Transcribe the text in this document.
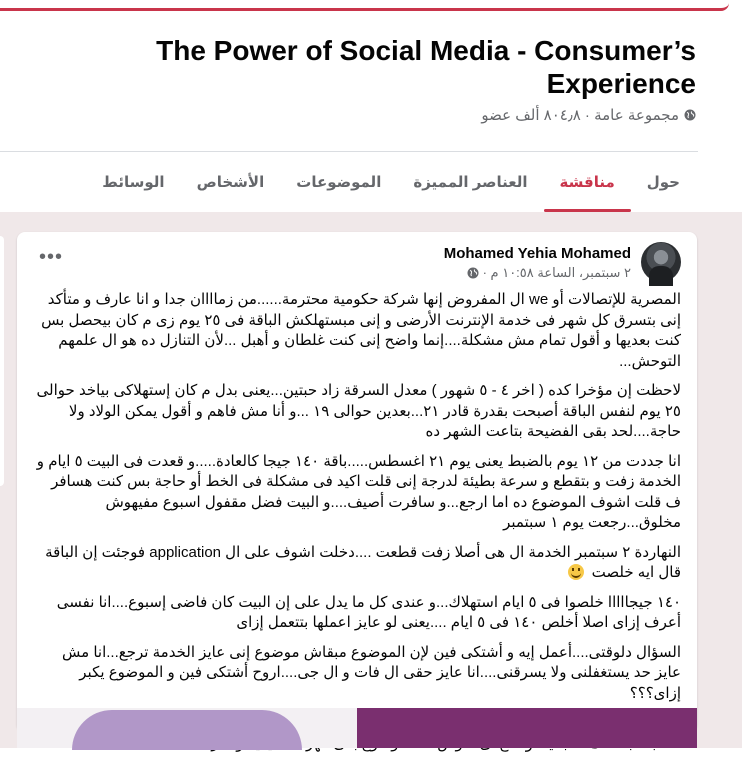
The Power of Social Media - Consumer’s Experience
مجموعة عامة · ٨٠٤٫٨ ألف عضو
حول
مناقشة
العناصر المميزة
الموضوعات
الأشخاص
الوسائط
Mohamed Yehia Mohamed
٢ سبتمبر، الساعة ١٠:٥٨ م ·
•••

المصرية للإتصالات أو we ال المفروض إنها شركة حكومية محترمة......من زماااان جدا و انا عارف و متأكد إنى بتسرق كل شهر فى خدمة الإنترنت الأرضى و إنى مبستهلكش الباقة فى ٢٥ يوم زى م كان بيحصل بس كنت بعديها و أقول تمام مش مشكلة....إنما واضح إنى كنت غلطان و أهبل ...لأن التنازل ده هو ال علمهم التوحش...

لاحظت إن مؤخرا كده ( اخر ٤ - ٥ شهور ) معدل السرقة زاد حبتين...يعنى بدل م كان إستهلاكى بياخد حوالى ٢٥ يوم لنفس الباقة أصبحت بقدرة قادر ٢١...بعدين حوالى ١٩ ...و أنا مش فاهم و أقول يمكن الولاد ولا حاجة....لحد بقى الفضيحة بتاعت الشهر ده

انا جددت من ١٢ يوم بالضبط يعنى يوم ٢١ اغسطس.....باقة ١٤٠ جيجا كالعادة.....و قعدت فى البيت ٥ ايام و الخدمة زفت و بتقطع و سرعة بطيئة لدرجة إنى قلت اكيد فى مشكلة فى الخط أو حاجة بس كنت هسافر ف قلت اشوف الموضوع ده اما ارجع...و سافرت أصيف....و البيت فضل مقفول اسبوع مفيهوش مخلوق...رجعت يوم ١ سبتمبر

النهاردة ٢ سبتمبر الخدمة ال هى أصلا زفت قطعت ....دخلت اشوف على ال application فوجئت إن الباقة قال ايه خلصت

١٤٠ جيجااااا خلصوا فى ٥ ايام استهلاك...و عندى كل ما يدل على إن البيت كان فاضى إسبوع....انا نفسى أعرف إزاى اصلا أخلص ١٤٠ فى ٥ ايام ....يعنى لو عايز اعملها بتتعمل إزاى

السؤال دلوقتى....أعمل إيه و أشتكى فين لإن الموضوع مبقاش موضوع إنى عايز الخدمة ترجع...انا مش عايز حد يستغفلنى ولا يسرقنى....انا عايز حقى ال فات و ال جى....اروح أشتكى فين و الموضوع يكبر إزاى؟؟؟
